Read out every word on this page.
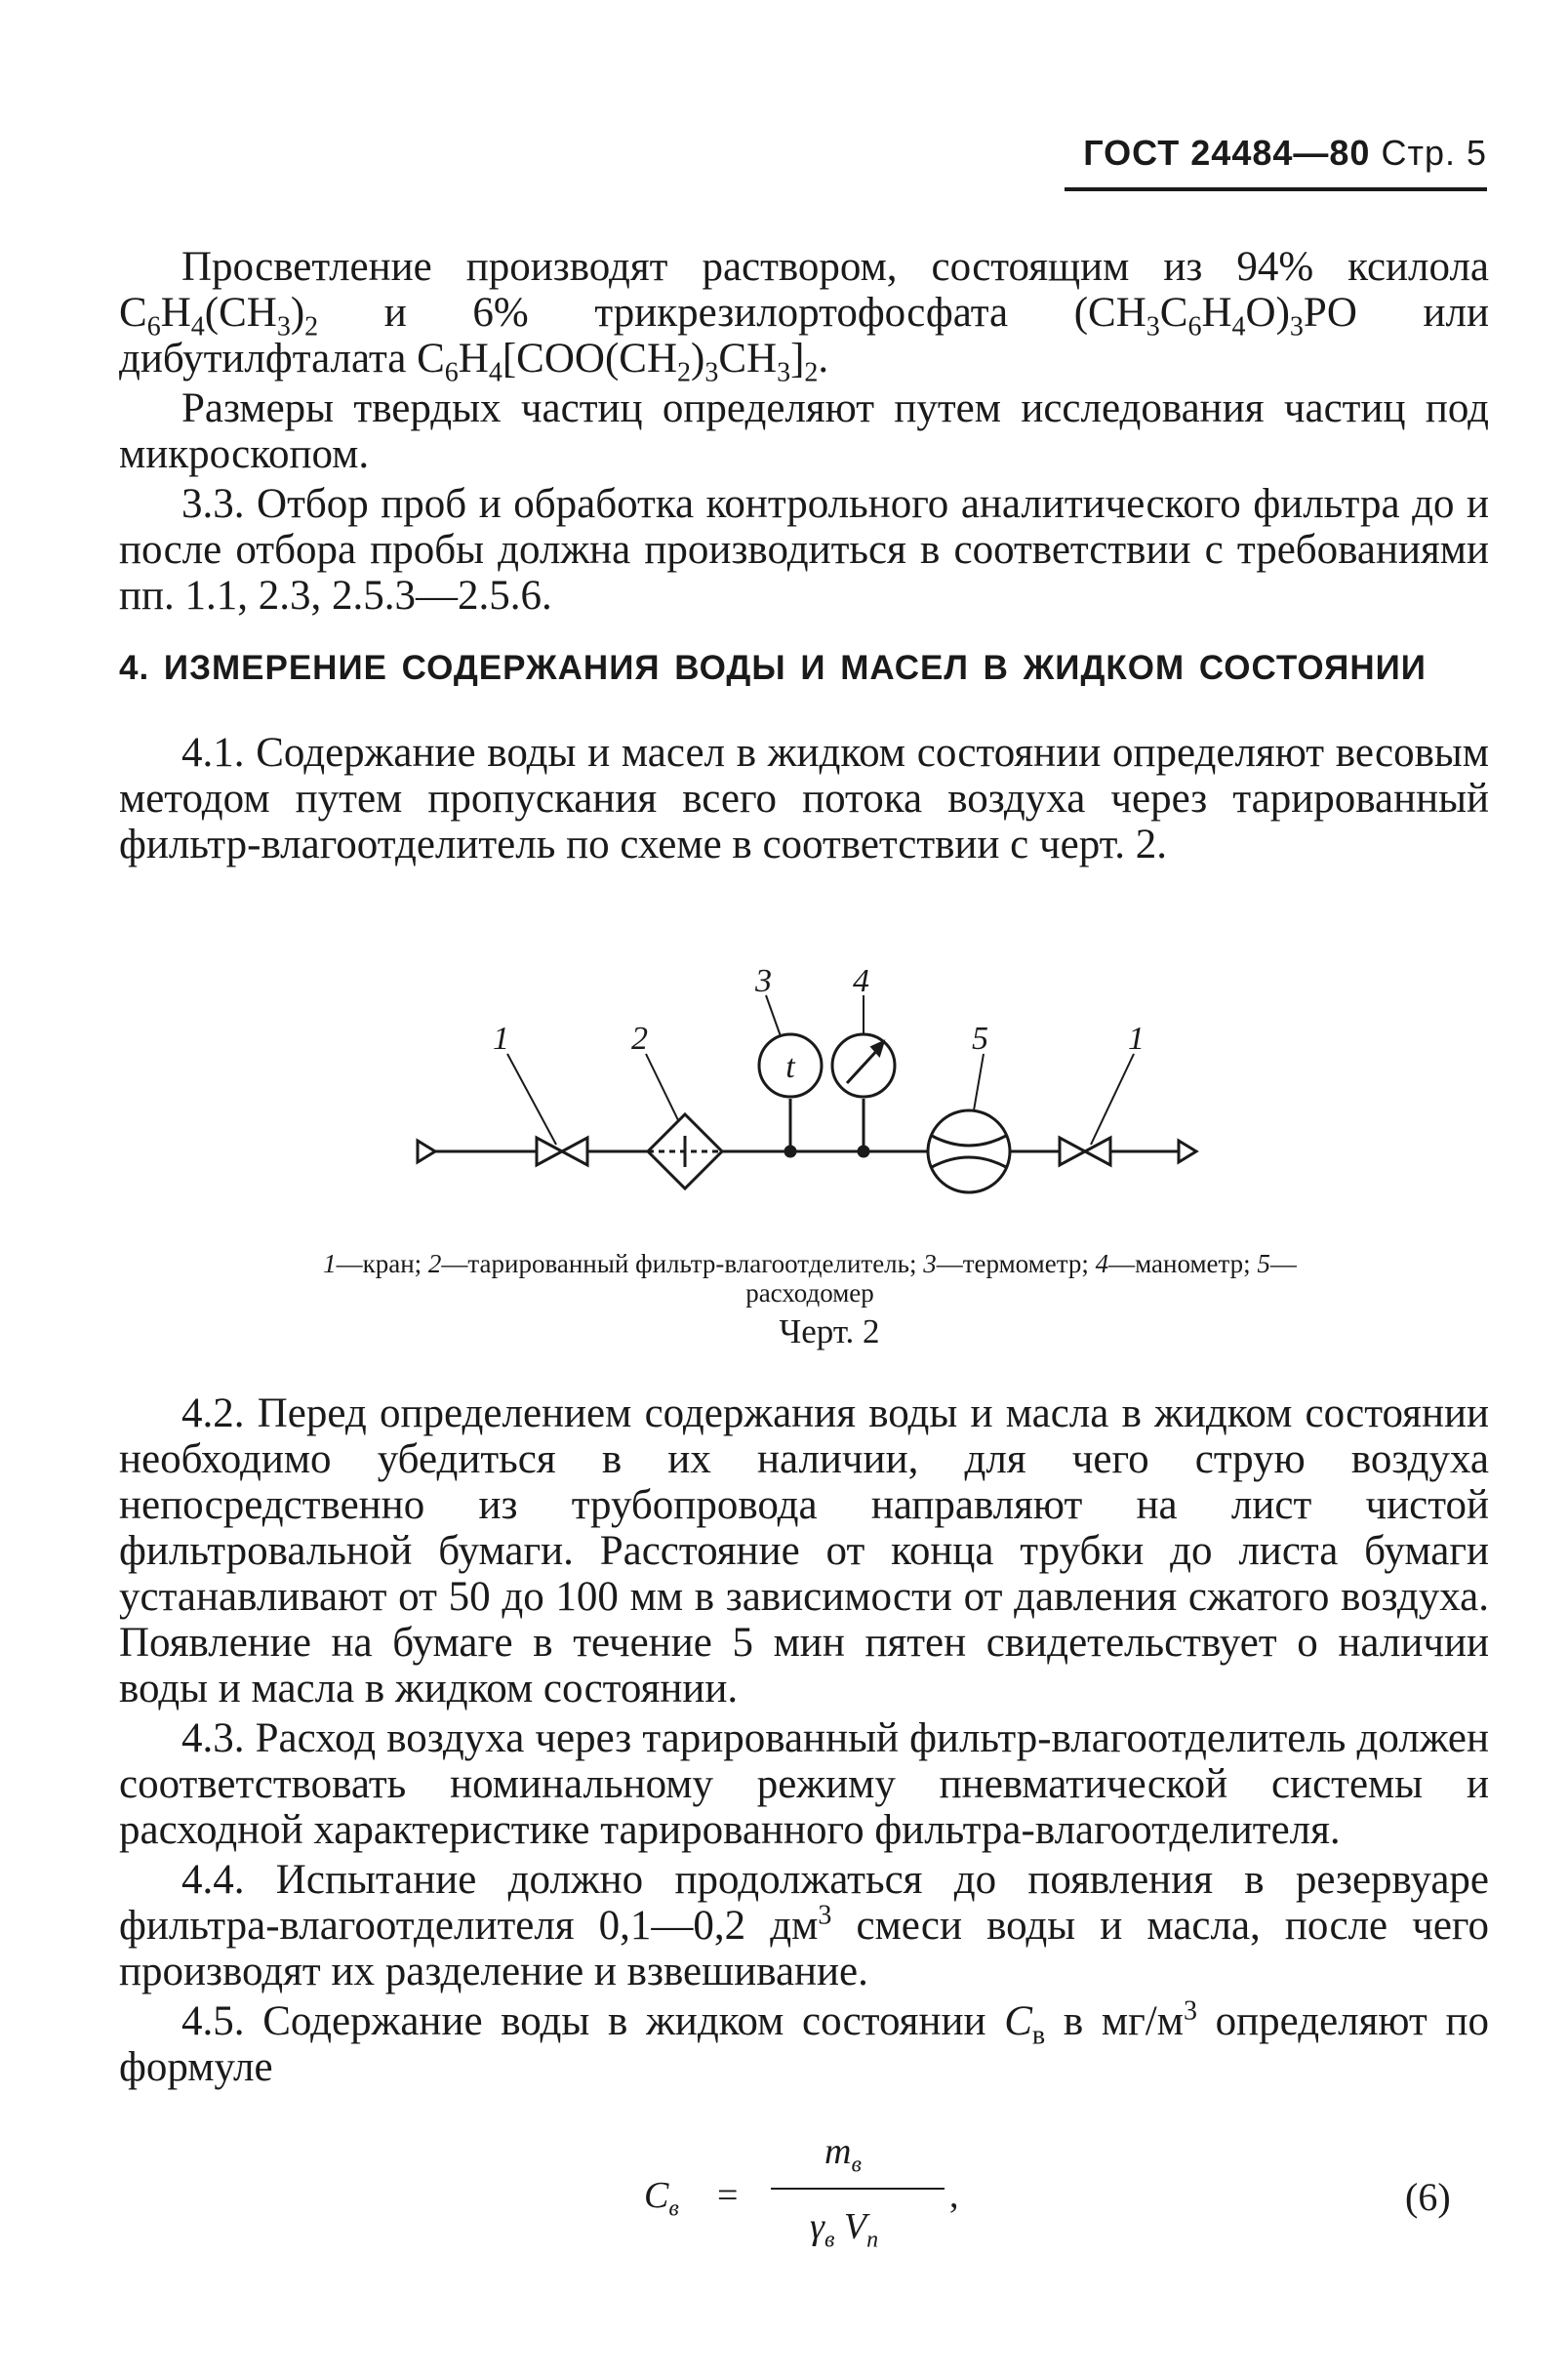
ГОСТ 24484—80 Стр. 5

Просветление производят раствором, состоящим из 94% ксилола $C_6H_4(CH_3)_2$ и 6% трикрезилортофосфата $(CH_3C_6H_4O)_3PO$ или дибутилфталата $C_6H_4[COO(CH_2)_3CH_3]_2$.

Размеры твердых частиц определяют путем исследования частиц под микроскопом.

3.3. Отбор проб и обработка контрольного аналитического фильтра до и после отбора пробы должна производиться в соответствии с требованиями пп. 1.1, 2.3, 2.5.3—2.5.6.

4. ИЗМЕРЕНИЕ СОДЕРЖАНИЯ ВОДЫ И МАСЕЛ В ЖИДКОМ СОСТОЯНИИ

4.1. Содержание воды и масел в жидком состоянии определяют весовым методом путем пропускания всего потока воздуха через тарированный фильтр-влагоотделитель по схеме в соответствии с черт. 2.

t
1	2
3 4
5	1
1—кран; 2—тарированный фильтр-влагоотделитель; 3—термометр; 4—манометр; 5—расходомер
Черт. 2

4.2. Перед определением содержания воды и масла в жидком состоянии необходимо убедиться в их наличии, для чего струю воздуха непосредственно из трубопровода направляют на лист чистой фильтровальной бумаги. Расстояние от конца трубки до листа бумаги устанавливают от 50 до 100 мм в зависимости от давления сжатого воздуха. Появление на бумаге в течение 5 мин пятен свидетельствует о наличии воды и масла в жидком состоянии.

4.3. Расход воздуха через тарированный фильтр-влагоотделитель должен соответствовать номинальному режиму пневматической системы и расходной характеристике тарированного фильтра-влагоотделителя.

4.4. Испытание должно продолжаться до появления в резервуаре фильтра-влагоотделителя 0,1—0,2 $дм^3$ смеси воды и масла, после чего производят их разделение и взвешивание.

4.5. Содержание воды в жидком состоянии $C_в$ в $мг/м^3$ определяют по формуле

$C_в$ =
$m_в$
$\gamma_в$ $V_п$
,	(6)
